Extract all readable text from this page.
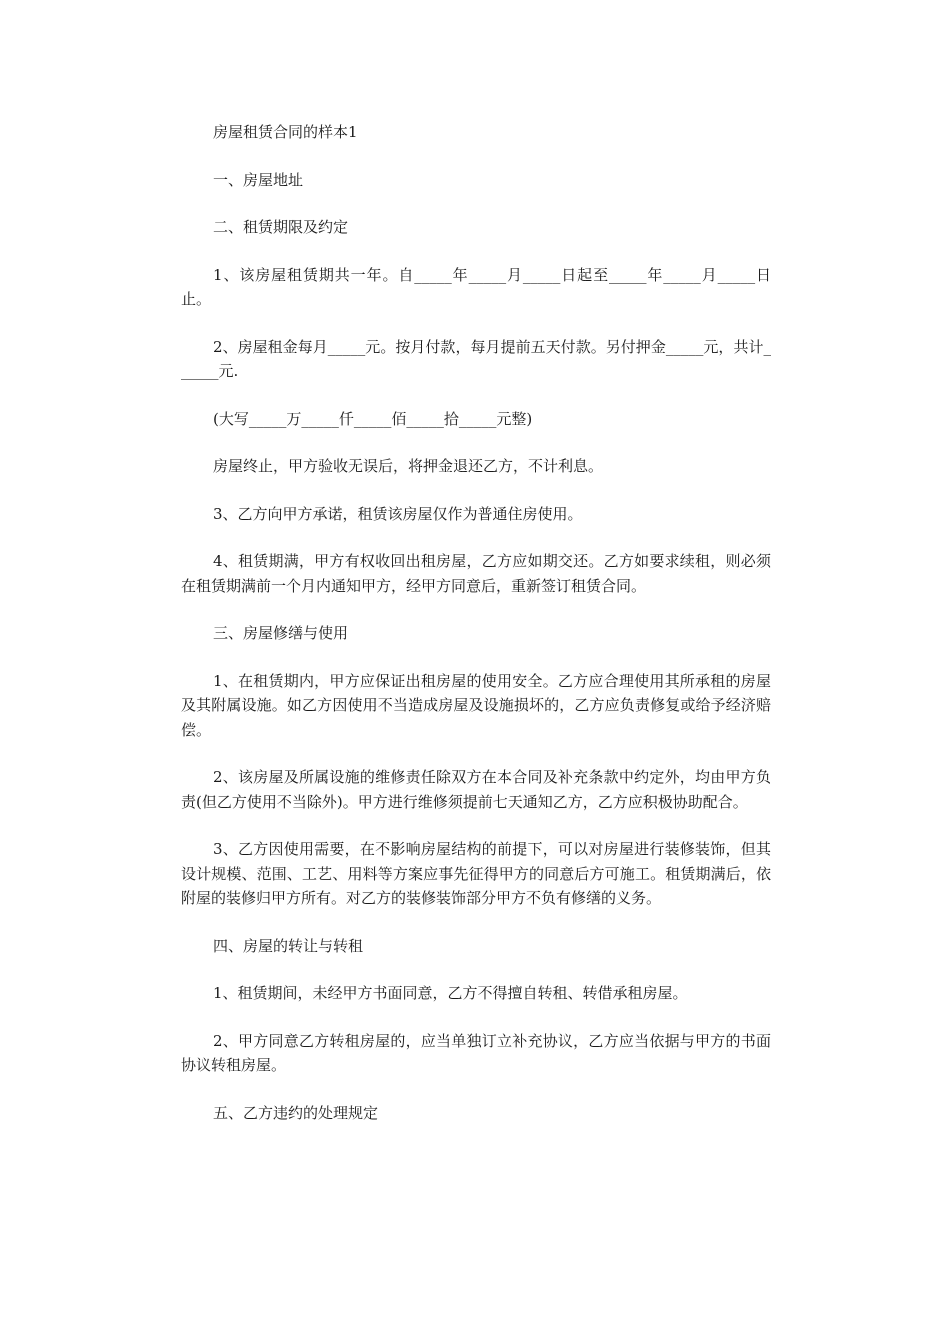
房屋租赁合同的样本1

一、房屋地址

二、租赁期限及约定

1、该房屋租赁期共一年。自_____年_____月_____日起至_____年_____月_____日止。

2、房屋租金每月_____元。按月付款，每月提前五天付款。另付押金_____元，共计______元.

(大写_____万_____仟_____佰_____拾_____元整)

房屋终止，甲方验收无误后，将押金退还乙方，不计利息。

3、乙方向甲方承诺，租赁该房屋仅作为普通住房使用。

4、租赁期满，甲方有权收回出租房屋，乙方应如期交还。乙方如要求续租，则必须在租赁期满前一个月内通知甲方，经甲方同意后，重新签订租赁合同。

三、房屋修缮与使用

1、在租赁期内，甲方应保证出租房屋的使用安全。乙方应合理使用其所承租的房屋及其附属设施。如乙方因使用不当造成房屋及设施损坏的，乙方应负责修复或给予经济赔偿。

2、该房屋及所属设施的维修责任除双方在本合同及补充条款中约定外，均由甲方负责(但乙方使用不当除外)。甲方进行维修须提前七天通知乙方，乙方应积极协助配合。

3、乙方因使用需要，在不影响房屋结构的前提下，可以对房屋进行装修装饰，但其设计规模、范围、工艺、用料等方案应事先征得甲方的同意后方可施工。租赁期满后，依附屋的装修归甲方所有。对乙方的装修装饰部分甲方不负有修缮的义务。

四、房屋的转让与转租

1、租赁期间，未经甲方书面同意，乙方不得擅自转租、转借承租房屋。

2、甲方同意乙方转租房屋的，应当单独订立补充协议，乙方应当依据与甲方的书面协议转租房屋。

五、乙方违约的处理规定
